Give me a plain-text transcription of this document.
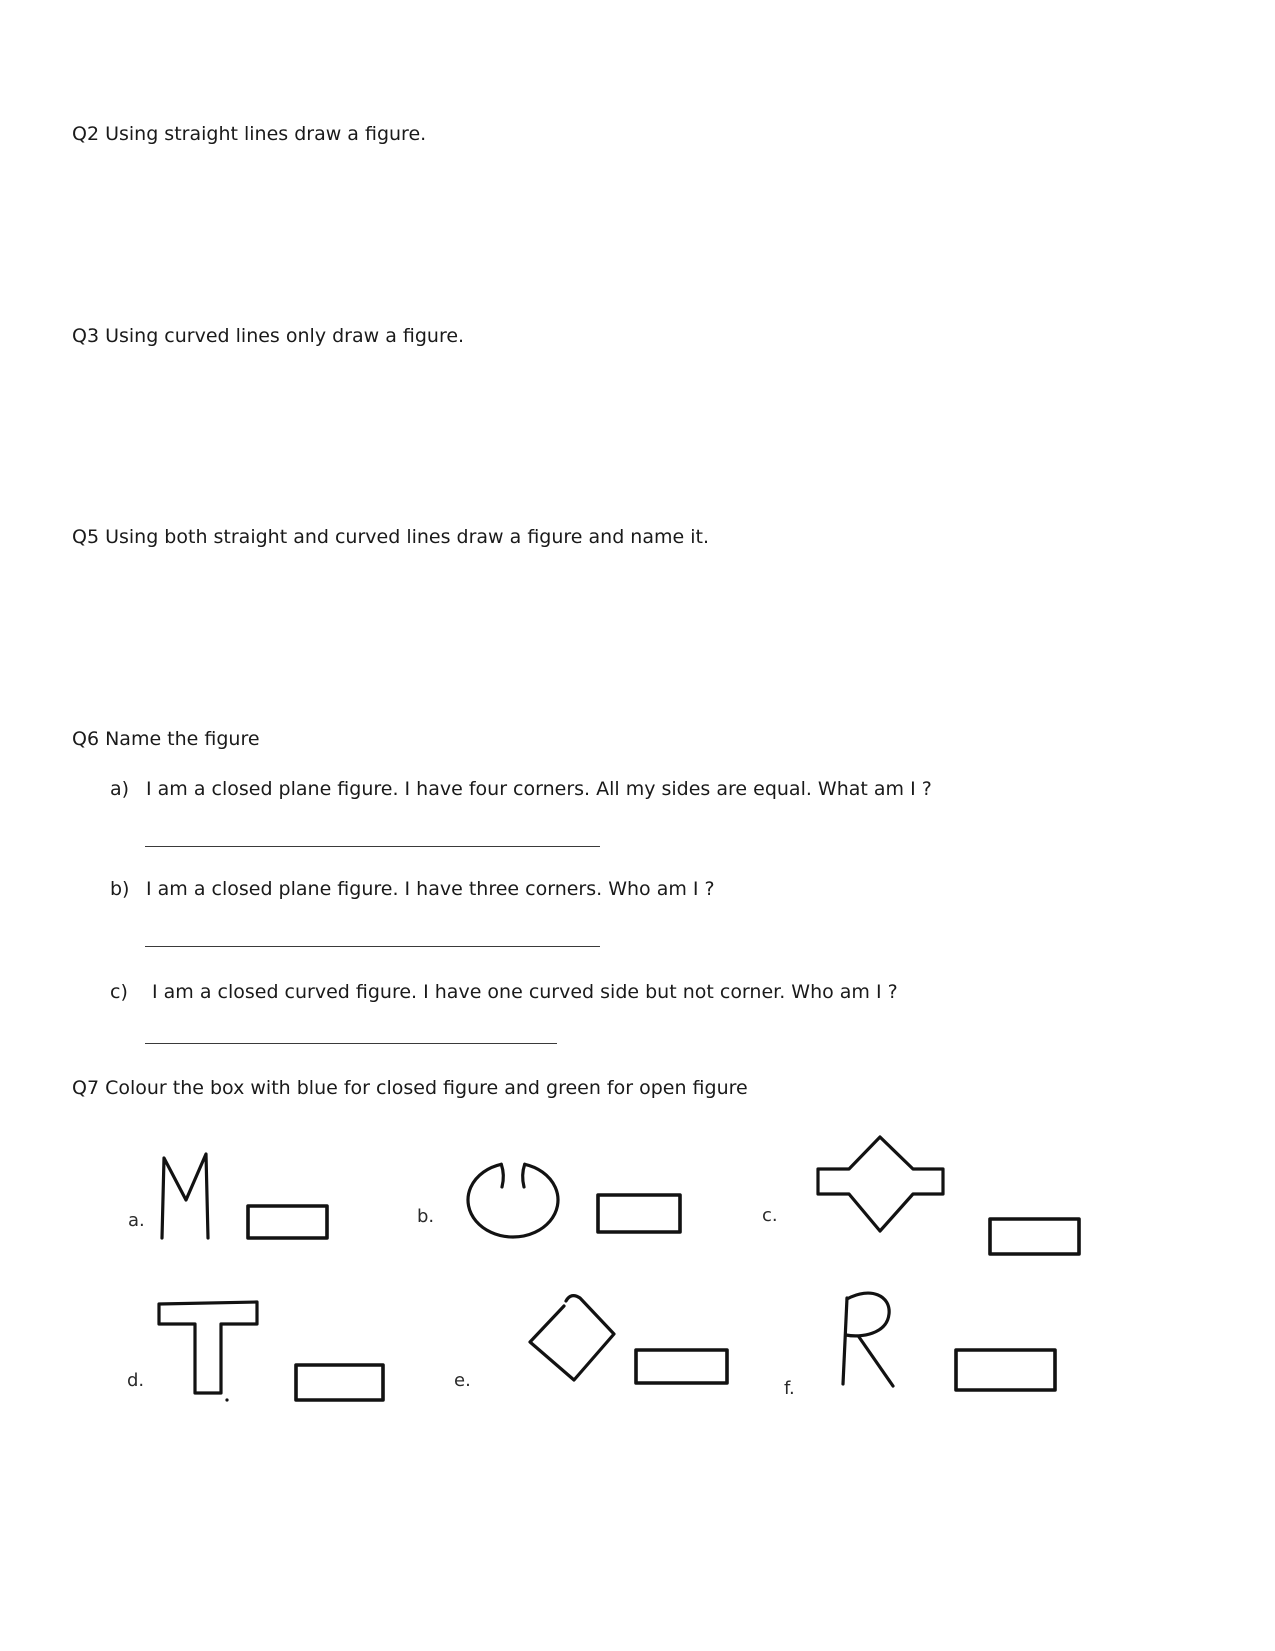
Q2 Using straight lines draw a figure.
Q3 Using curved lines only draw a figure.
Q5 Using both straight and curved lines draw a figure and name it.
Q6 Name the figure
a) I am a closed plane figure. I have four corners. All my sides are equal. What am I ?
b) I am a closed plane figure. I have three corners. Who am I ?
c) I am a closed curved figure. I have one curved side but not corner. Who am I ?
Q7 Colour the box with blue for closed figure and green for open figure
a.	b.	c.
d.	e.	f.
